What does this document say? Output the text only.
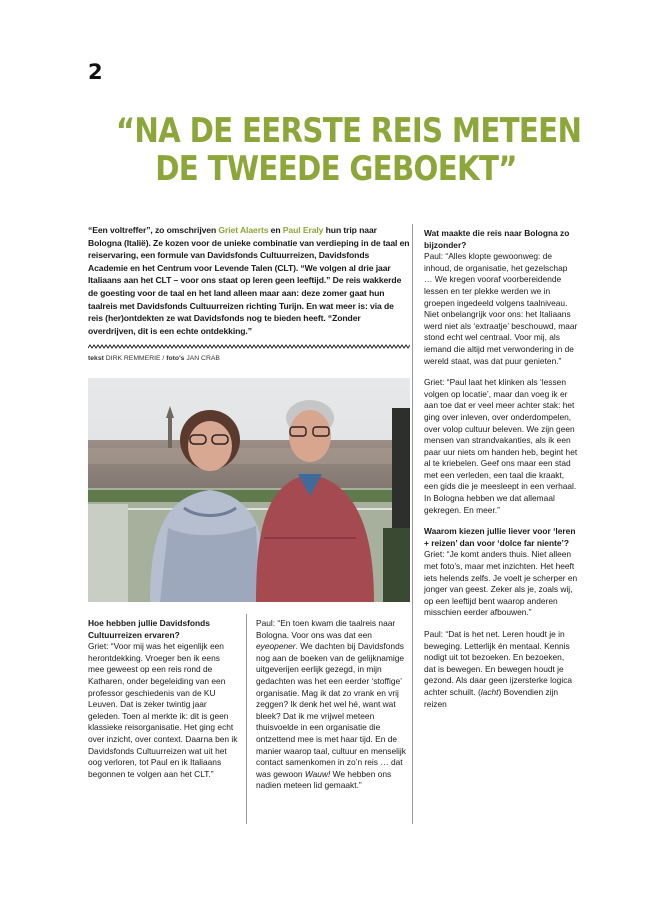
2
“NA DE EERSTE REIS METEEN
DE TWEEDE GEBOEKT”

“Een voltreffer”, zo omschrijven Griet Alaerts en Paul Eraly hun trip naar Bologna (Italië). Ze kozen voor de unieke combinatie van verdieping in de taal en reiservaring, een formule van Davidsfonds Cultuurreizen, Davidsfonds Academie en het Centrum voor Levende Talen (CLT). “We volgen al drie jaar Italiaans aan het CLT – voor ons staat op leren geen leeftijd.” De reis wakkerde de goesting voor de taal en het land alleen maar aan: deze zomer gaat hun taalreis met Davidsfonds Cultuurreizen richting Turijn. En wat meer is: via de reis (her)ontdekten ze wat Davidsfonds nog te bieden heeft. “Zonder overdrijven, dit is een echte ontdekking.”

tekst DIRK REMMERIE / foto's JAN CRAB

Hoe hebben jullie Davidsfonds Cultuurreizen ervaren?

Griet: “Voor mij was het eigenlijk een herontdekking. Vroeger ben ik eens mee geweest op een reis rond de Katharen, onder begeleiding van een professor geschiedenis van de KU Leuven. Dat is zeker twintig jaar geleden. Toen al merkte ik: dit is geen klassieke reisorganisatie. Het ging echt over inzicht, over context. Daarna ben ik Davidsfonds Cultuurreizen wat uit het oog verloren, tot Paul en ik Italiaans begonnen te volgen aan het CLT.”

Paul: “En toen kwam die taalreis naar Bologna. Voor ons was dat een eyeopener. We dachten bij Davidsfonds nog aan de boeken van de gelijknamige uitgeverijen eerlijk gezegd, in mijn gedachten was het een eerder ‘stoffige’ organisatie. Mag ik dat zo vrank en vrij zeggen? Ik denk het wel hé, want wat bleek? Dat ik me vrijwel meteen thuisvoelde in een organisatie die ontzettend mee is met haar tijd. En de manier waarop taal, cultuur en menselijk contact samenkomen in zo’n reis … dat was gewoon Wauw! We hebben ons nadien meteen lid gemaakt.”

Wat maakte die reis naar Bologna zo bijzonder?

Paul: “Alles klopte gewoonweg: de inhoud, de organisatie, het gezelschap … We kregen vooraf voorbereidende lessen en ter plekke werden we in groepen ingedeeld volgens taalniveau. Niet onbelangrijk voor ons: het Italiaans werd niet als ‘extraatje’ beschouwd, maar stond echt wel centraal. Voor mij, als iemand die altijd met verwondering in de wereld staat, was dat puur genieten.”

Griet: “Paul laat het klinken als ‘lessen volgen op locatie’, maar dan voeg ik er aan toe dat er veel meer achter stak: het ging over inleven, over onderdompelen, over volop cultuur beleven. We zijn geen mensen van strandvakanties, als ik een paar uur niets om handen heb, begint het al te kriebelen. Geef ons maar een stad met een verleden, een taal die kraakt, een gids die je meesleept in een verhaal. In Bologna hebben we dat allemaal gekregen. En meer.”

Waarom kiezen jullie liever voor ‘leren + reizen’ dan voor ‘dolce far niente’?

Griet: “Je komt anders thuis. Niet alleen met foto’s, maar met inzichten. Het heeft iets helends zelfs. Je voelt je scherper en jonger van geest. Zeker als je, zoals wij, op een leeftijd bent waarop anderen misschien eerder afbouwen.”

Paul: “Dat is het net. Leren houdt je in beweging. Letterlijk én mentaal. Kennis nodigt uit tot bezoeken. En bezoeken, dat is bewegen. En bewegen houdt je gezond. Als daar geen ijzersterke logica achter schuilt. (lacht) Bovendien zijn reizen
